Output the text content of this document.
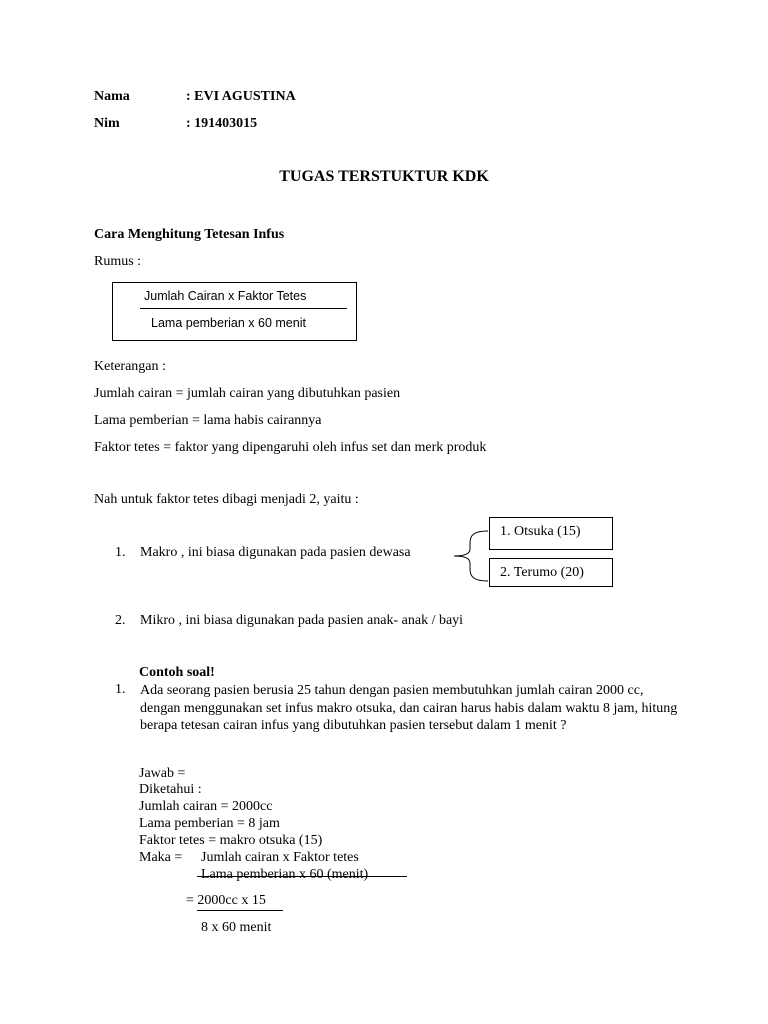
Nama	: EVI AGUSTINA
Nim	: 191403015
TUGAS TERSTUKTUR KDK
Cara Menghitung Tetesan Infus
Rumus :
Jumlah Cairan x Faktor Tetes
Lama pemberian x 60 menit
Keterangan :
Jumlah cairan = jumlah cairan yang dibutuhkan pasien
Lama pemberian = lama habis cairannya
Faktor tetes = faktor yang dipengaruhi oleh infus set dan merk produk
Nah untuk faktor tetes dibagi menjadi 2, yaitu :
1. Makro , ini biasa digunakan pada pasien dewasa
1. Otsuka (15)
2. Terumo (20)
2. Mikro , ini biasa digunakan pada pasien anak- anak / bayi
Contoh soal!
1. Ada seorang pasien berusia 25 tahun dengan pasien membutuhkan jumlah cairan 2000 cc, dengan menggunakan set infus makro otsuka, dan cairan harus habis dalam waktu 8 jam, hitung berapa tetesan cairan infus yang dibutuhkan pasien tersebut dalam 1 menit ?
Jawab =
Diketahui :
Jumlah cairan = 2000cc
Lama pemberian = 8 jam
Faktor tetes = makro otsuka (15)
Maka = Jumlah cairan x Faktor tetes
Lama pemberian x 60 (menit)
= 2000cc x 15
8 x 60 menit
